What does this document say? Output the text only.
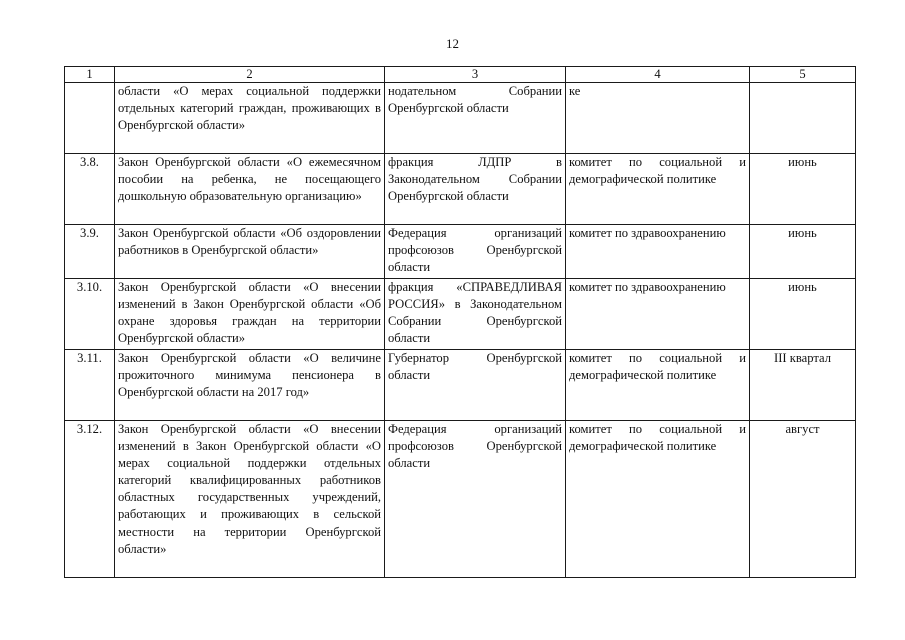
12
1	2	3	4	5
	области «О мерах социальной поддержки отдельных категорий граждан, проживающих в Оренбургской области»	нодательном Собрании Оренбургской области	ке	
3.8.	Закон Оренбургской области «О ежемесячном пособии на ребенка, не посещающего дошкольную образовательную организацию»	фракция ЛДПР в Законодательном Собрании Оренбургской области	комитет по социальной и демографической политике	июнь
3.9.	Закон Оренбургской области «Об оздоровлении работников в Оренбургской области»	Федерация организаций профсоюзов Оренбургской области	комитет по здравоохранению	июнь
3.10.	Закон Оренбургской области «О внесении изменений в Закон Оренбургской области «Об охране здоровья граждан на территории Оренбургской области»	фракция «СПРАВЕДЛИВАЯ РОССИЯ» в Законодательном Собрании Оренбургской области	комитет по здравоохранению	июнь
3.11.	Закон Оренбургской области «О величине прожиточного минимума пенсионера в Оренбургской области на 2017 год»	Губернатор Оренбургской области	комитет по социальной и демографической политике	III квартал
3.12.	Закон Оренбургской области «О внесении изменений в Закон Оренбургской области «О мерах социальной поддержки отдельных категорий квалифицированных работников областных государственных учреждений, работающих и проживающих в сельской местности на территории Оренбургской области»	Федерация организаций профсоюзов Оренбургской области	комитет по социальной и демографической политике	август
